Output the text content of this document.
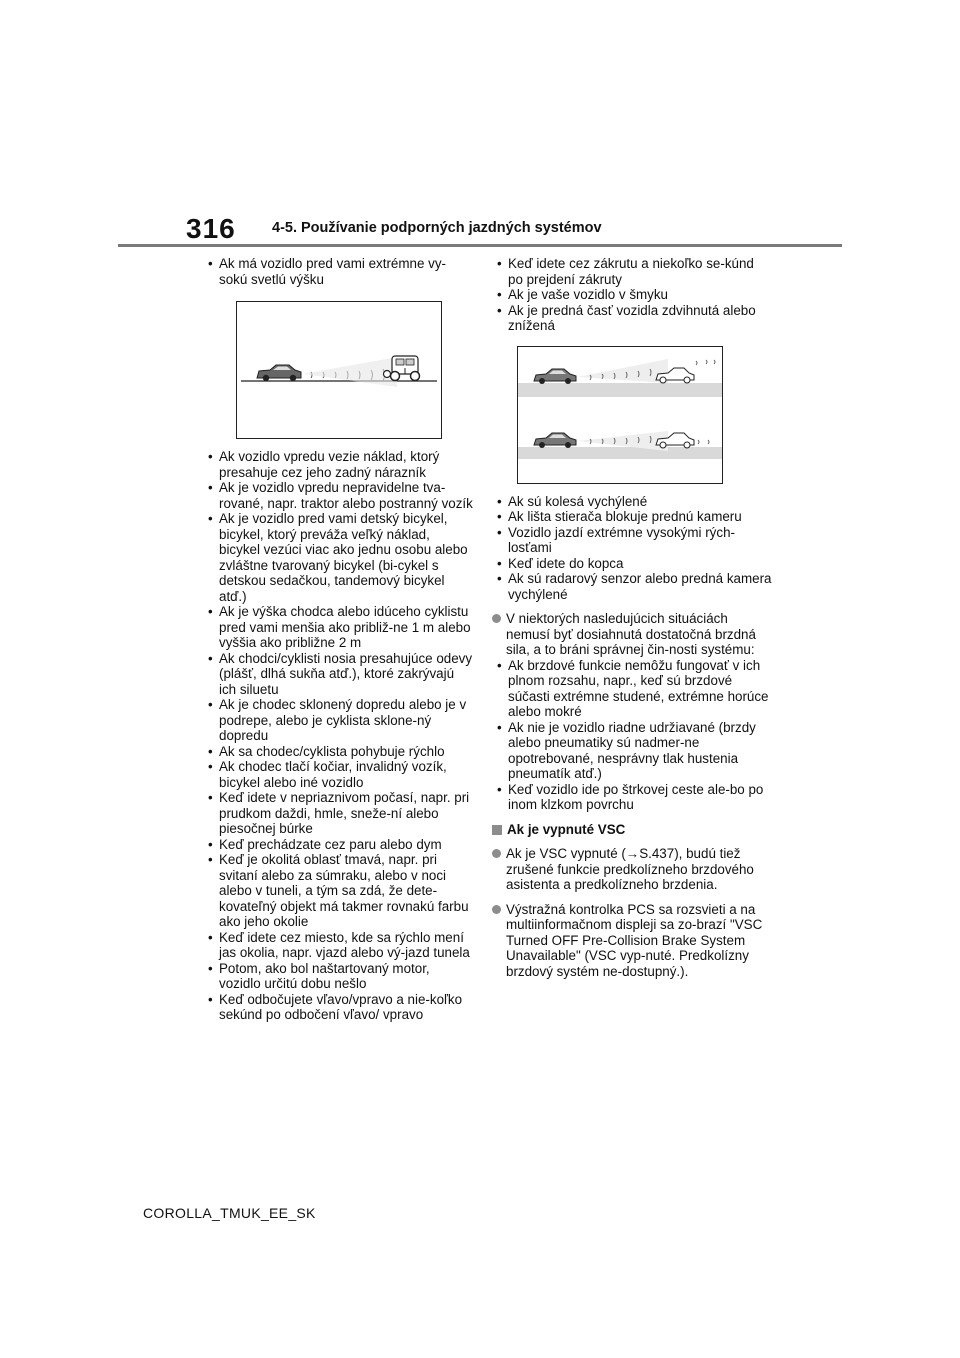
316	4-5. Používanie podporných jazdných systémov
• Ak má vozidlo pred vami extrémne vy-sokú svetlú výšku
• Ak vozidlo vpredu vezie náklad, ktorý presahuje cez jeho zadný nárazník
• Ak je vozidlo vpredu nepravidelne tva-rované, napr. traktor alebo postranný vozík
• Ak je vozidlo pred vami detský bicykel, bicykel, ktorý preváža veľký náklad, bicykel vezúci viac ako jednu osobu alebo zvláštne tvarovaný bicykel (bi-cykel s detskou sedačkou, tandemový bicykel atď.)
• Ak je výška chodca alebo idúceho cyklistu pred vami menšia ako približ-ne 1 m alebo vyššia ako približne 2 m
• Ak chodci/cyklisti nosia presahujúce odevy (plášť, dlhá sukňa atď.), ktoré zakrývajú ich siluetu
• Ak je chodec sklonený dopredu alebo je v podrepe, alebo je cyklista sklone-ný dopredu
• Ak sa chodec/cyklista pohybuje rýchlo
• Ak chodec tlačí kočiar, invalidný vozík, bicykel alebo iné vozidlo
• Keď idete v nepriaznivom počasí, napr. pri prudkom daždi, hmle, sneže-ní alebo piesočnej búrke
• Keď prechádzate cez paru alebo dym
• Keď je okolitá oblasť tmavá, napr. pri svitaní alebo za súmraku, alebo v noci alebo v tuneli, a tým sa zdá, že dete-kovateľný objekt má takmer rovnakú farbu ako jeho okolie
• Keď idete cez miesto, kde sa rýchlo mení jas okolia, napr. vjazd alebo vý-jazd tunela
• Potom, ako bol naštartovaný motor, vozidlo určitú dobu nešlo
• Keď odbočujete vľavo/vpravo a nie-koľko sekúnd po odbočení vľavo/ vpravo
• Keď idete cez zákrutu a niekoľko se-kúnd po prejdení zákruty
• Ak je vaše vozidlo v šmyku
• Ak je predná časť vozidla zdvihnutá alebo znížená
• Ak sú kolesá vychýlené
• Ak lišta stierača blokuje prednú kameru
• Vozidlo jazdí extrémne vysokými rých-losťami
• Keď idete do kopca
• Ak sú radarový senzor alebo predná kamera vychýlené
V niektorých nasledujúcich situáciách nemusí byť dosiahnutá dostatočná brzdná sila, a to bráni správnej čin-nosti systému:
• Ak brzdové funkcie nemôžu fungovať v ich plnom rozsahu, napr., keď sú brzdové súčasti extrémne studené, extrémne horúce alebo mokré
• Ak nie je vozidlo riadne udržiavané (brzdy alebo pneumatiky sú nadmer-ne opotrebované, nesprávny tlak hustenia pneumatík atď.)
• Keď vozidlo ide po štrkovej ceste ale-bo po inom klzkom povrchu
Ak je vypnuté VSC
Ak je VSC vypnuté (→S.437), budú tiež zrušené funkcie predkolízneho brzdového asistenta a predkolízneho brzdenia.
Výstražná kontrolka PCS sa rozsvieti a na multiinformačnom displeji sa zo-brazí "VSC Turned OFF Pre-Collision Brake System Unavailable" (VSC vyp-nuté. Predkolízny brzdový systém ne-dostupný.).
COROLLA_TMUK_EE_SK
